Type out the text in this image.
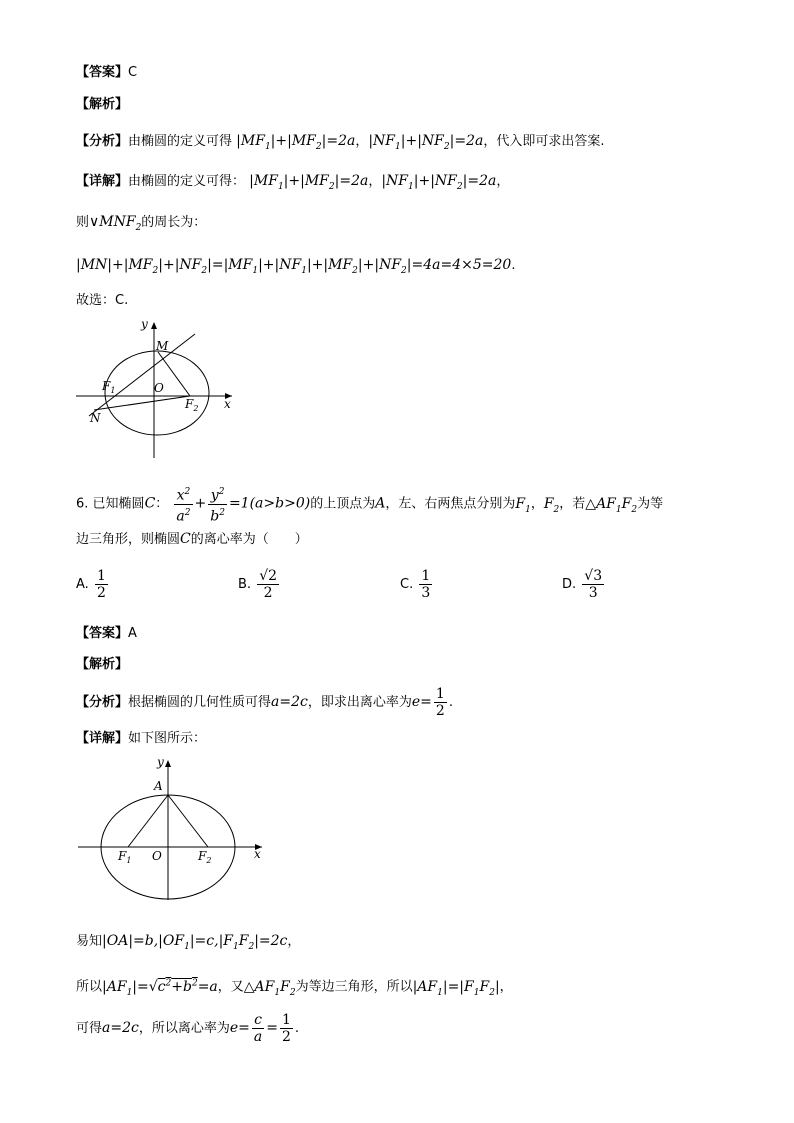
【答案】C
【解析】
【分析】由椭圆的定义可得 $|MF_1|+|MF_2|=2a$，$|NF_1|+|NF_2|=2a$，代入即可求出答案.
【详解】由椭圆的定义可得： $|MF_1|+|MF_2|=2a$，$|NF_1|+|NF_2|=2a$，
则$\vee MNF_2$的周长为：
$|MN|+|MF_2|+|NF_2|=|MF_1|+|NF_1|+|MF_2|+|NF_2|=4a=4\times 5=20$.
故选：C.
y
x
M
O
$F_1$
$F_2$
N
6. 已知椭圆C： $\frac{x^2}{a^2} + \frac{y^2}{b^2} =1(a>b>0)$的上顶点为A，左、右两焦点分别为$F_1$，$F_2$，若$\triangle AF_1F_2$为等
边三角形，则椭圆C的离心率为（　　）
A. $\frac{1}{2}$	B. $\frac{√2}{2}$	C. $\frac{1}{3}$	D. $\frac{√3}{3}$
【答案】A
【解析】
【分析】根据椭圆的几何性质可得a=2c，即求出离心率为$e= \frac{1}{2}$ .
【详解】如下图所示：
y
x
A
O
$F_1$	$F_2$
易知$|OA|=b,|OF_1|=c,|F_1F_2|=2c$，
所以$|AF_1|=√c^2+b^2=a$，又$\triangle AF_1F_2$为等边三角形，所以$|AF_1|=|F_1F_2|$，
可得a=2c，所以离心率为$e= \frac{c}{a} = \frac{1}{2}$ .
